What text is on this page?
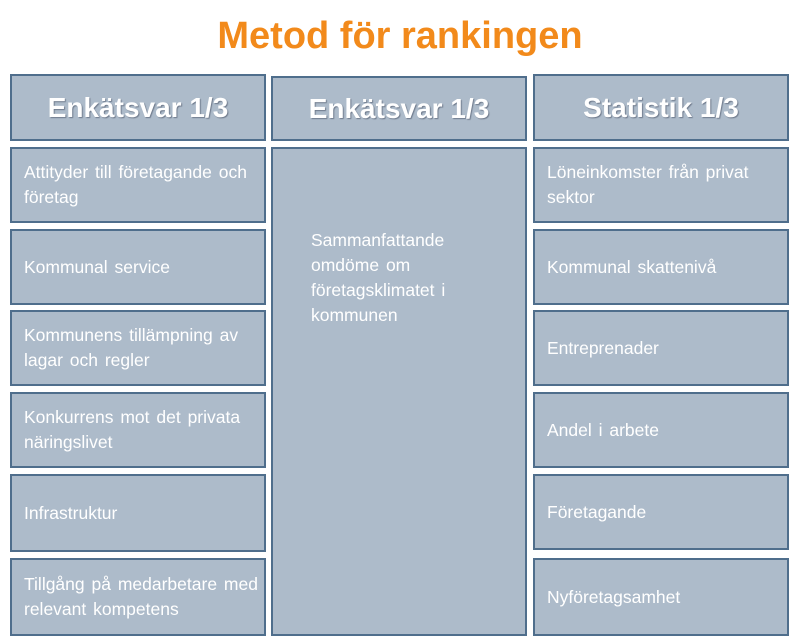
Metod för rankingen
Enkätsvar 1/3	Enkätsvar 1/3	Statistik 1/3
Attityder till företagande och företag
Kommunal service
Kommunens tillämpning av lagar och regler
Konkurrens mot det privata näringslivet
Infrastruktur
Tillgång på medarbetare med relevant kompetens
Sammanfattande omdöme om företagsklimatet i kommunen
Löneinkomster från privat sektor
Kommunal skattenivå
Entreprenader
Andel i arbete
Företagande
Nyföretagsamhet
